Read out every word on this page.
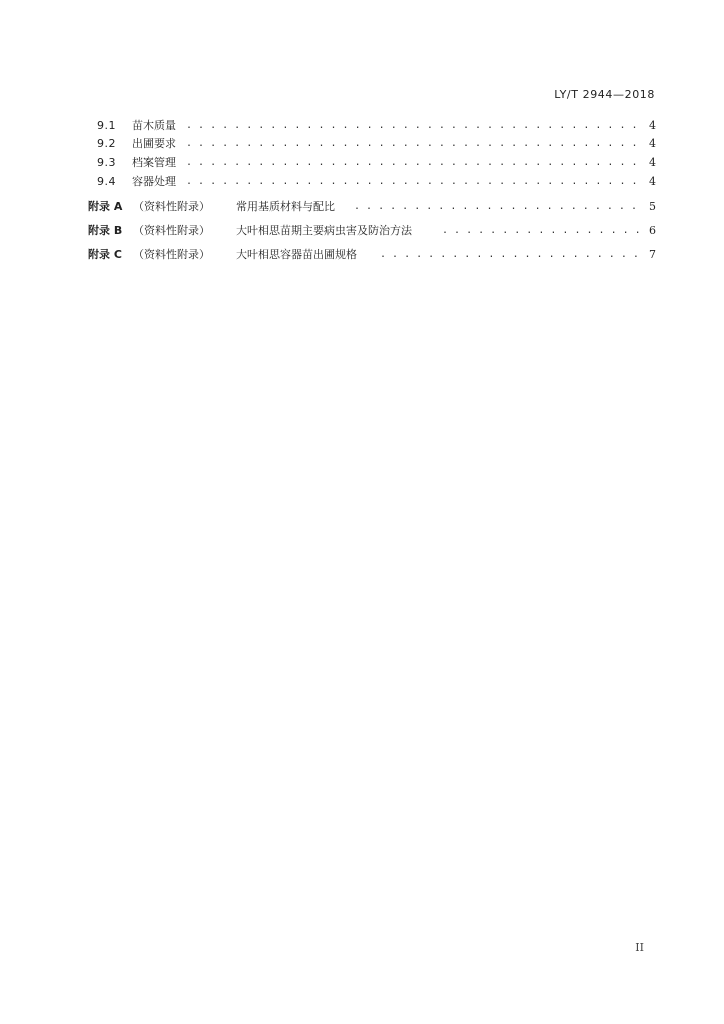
LY/T 2944—2018
9.1	苗木质量 . . .	4
9.2	出圃要求 . . .	4
9.3	档案管理 . . .	4
9.4	容器处理 . . .	4
附录 A （资料性附录） 常用基质材料与配比 . . .	5
附录 B （资料性附录） 大叶相思苗期主要病虫害及防治方法 . . .	6
附录 C （资料性附录） 大叶相思容器苗出圃规格 . . .	7
II
